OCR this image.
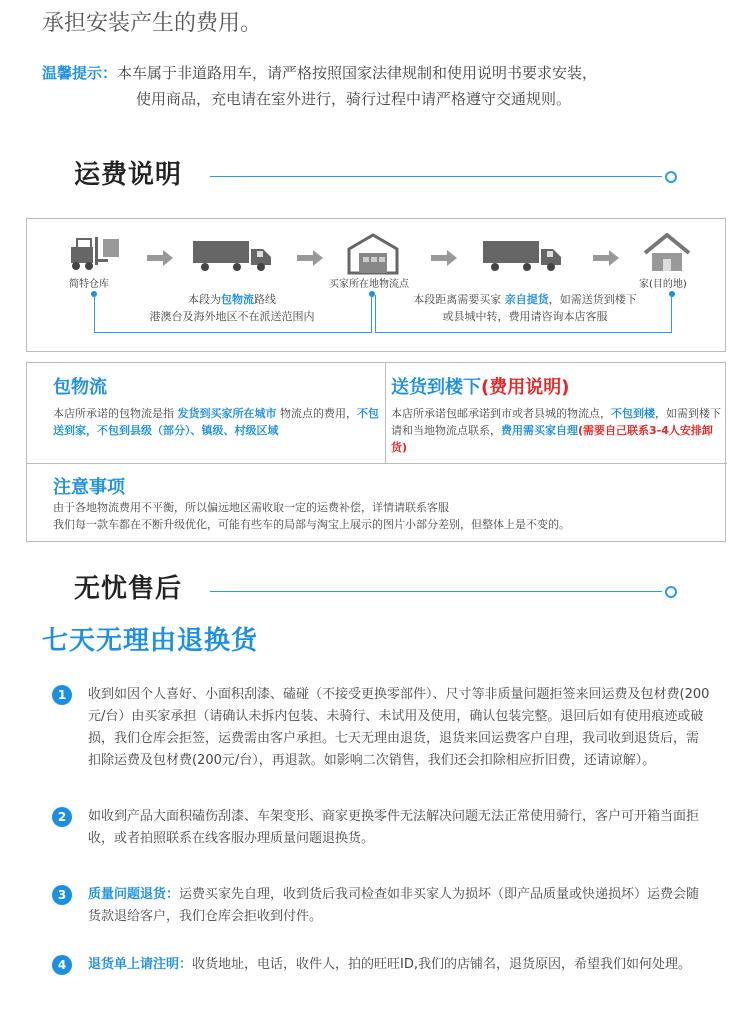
承担安装产生的费用。
温馨提示：本车属于非道路用车，请严格按照国家法律规制和使用说明书要求安装，
使用商品，充电请在室外进行，骑行过程中请严格遵守交通规则。
运费说明
简特仓库	买家所在地物流点	家(目的地)
本段为包物流路线
港澳台及海外地区不在派送范围内
本段距离需要买家 亲自提货，如需送货到楼下
或县城中转，费用请咨询本店客服
包物流
本店所承诺的包物流是指 发货到买家所在城市 物流点的费用，不包送到家，不包到县级（部分）、镇级、村级区域
送货到楼下(费用说明)
本店所承诺包邮承诺到市或者县城的物流点，不包到楼，如需到楼下请和当地物流点联系，费用需买家自理(需要自己联系3-4人安排卸货)
注意事项
由于各地物流费用不平衡，所以偏远地区需收取一定的运费补偿，详情请联系客服
我们每一款车都在不断升级优化，可能有些车的局部与淘宝上展示的图片小部分差别，但整体上是不变的。
无忧售后
七天无理由退换货
1	收到如因个人喜好、小面积刮漆、磕碰（不接受更换零部件）、尺寸等非质量问题拒签来回运费及包材费(200元/台）由买家承担（请确认未拆内包装、未骑行、未试用及使用，确认包装完整。退回后如有使用痕迹或破损，我们仓库会拒签，运费需由客户承担。七天无理由退货，退货来回运费客户自理，我司收到退货后，需扣除运费及包材费(200元/台），再退款。如影响二次销售，我们还会扣除相应折旧费，还请谅解）。
2	如收到产品大面积磕伤刮漆、车架变形、商家更换零件无法解决问题无法正常使用骑行，客户可开箱当面拒收，或者拍照联系在线客服办理质量问题退换货。
3	质量问题退货：运费买家先自理，收到货后我司检查如非买家人为损坏（即产品质量或快递损坏）运费会随货款退给客户，我们仓库会拒收到付件。
4	退货单上请注明：收货地址，电话，收件人，拍的旺旺ID,我们的店铺名，退货原因，希望我们如何处理。
